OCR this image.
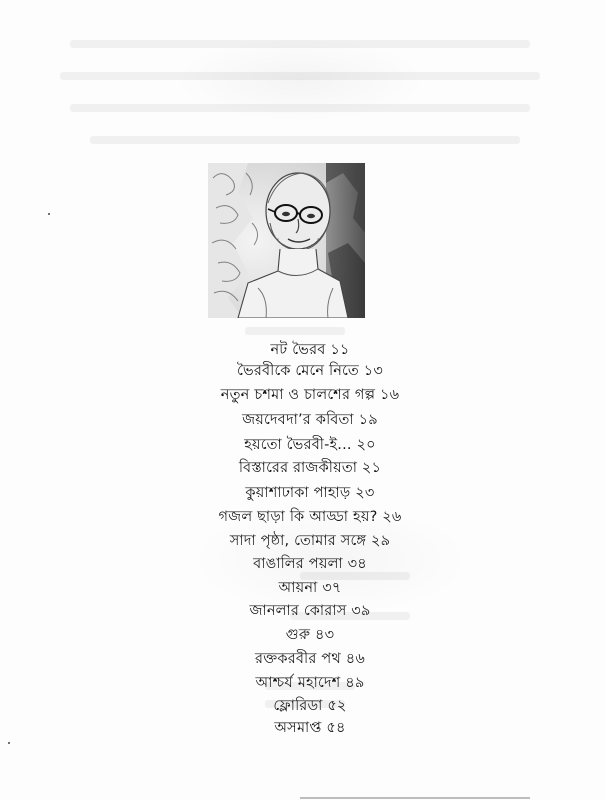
নট ভৈরব ১১
ভৈরবীকে মেনে নিতে ১৩
নতুন চশমা ও চালশের গল্প ১৬
জয়দেবদা’র কবিতা ১৯
হয়তো ভৈরবী-ই... ২০
বিস্তারের রাজকীয়তা ২১
কুয়াশাঢাকা পাহাড় ২৩
গজল ছাড়া কি আড্ডা হয়? ২৬
সাদা পৃষ্ঠা, তোমার সঙ্গে ২৯
বাঙালির পয়লা ৩৪
আয়না ৩৭
জানলার কোরাস ৩৯
গুরু ৪৩
রক্তকরবীর পথ ৪৬
আশ্চর্য মহাদেশ ৪৯
ফ্লোরিডা ৫২
অসমাপ্ত ৫৪
